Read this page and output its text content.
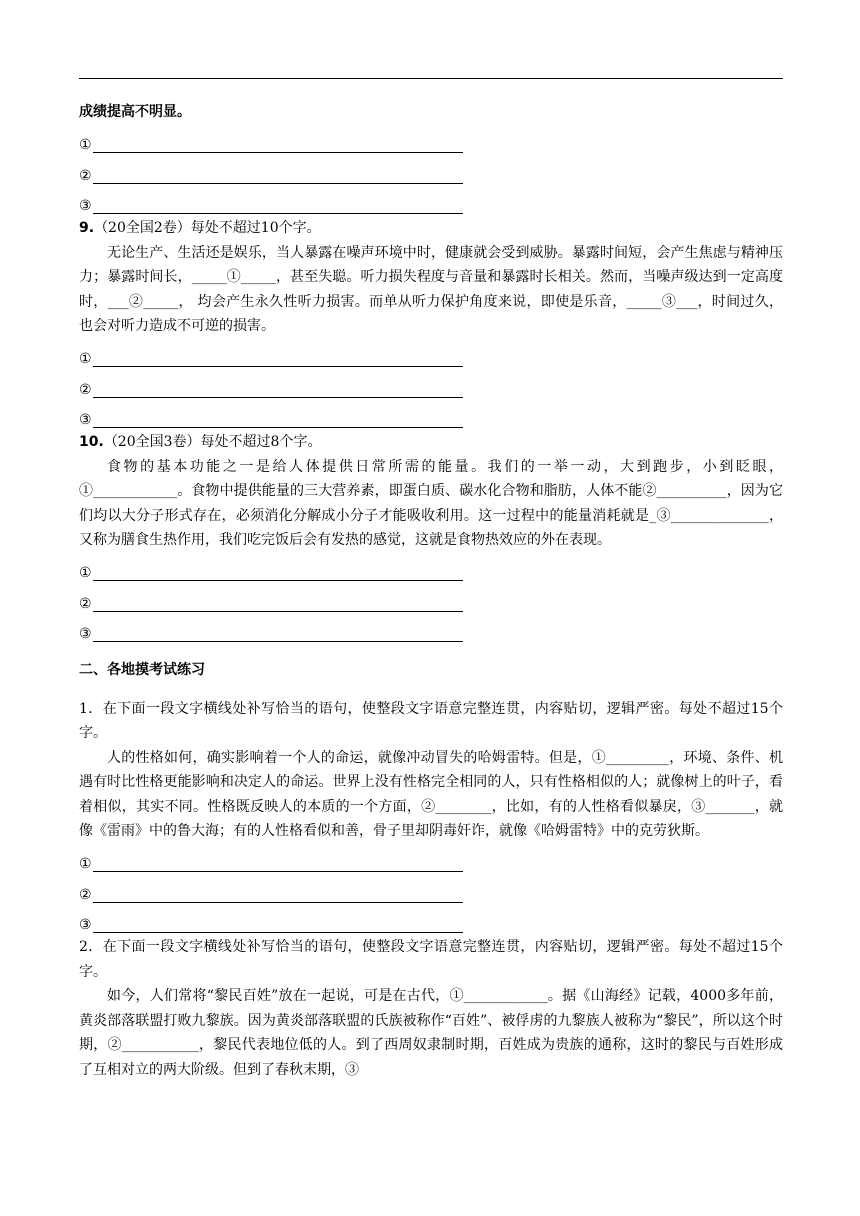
成绩提高不明显。

①
②
③

9.（20全国2卷）每处不超过10个字。

无论生产、生活还是娱乐，当人暴露在噪声环境中时，健康就会受到威胁。暴露时间短，会产生焦虑与精神压力；暴露时间长，_____①_____，甚至失聪。听力损失程度与音量和暴露时长相关。然而，当噪声级达到一定高度时，___②_____， 均会产生永久性听力损害。而单从听力保护角度来说，即使是乐音，_____③___，时间过久，也会对听力造成不可逆的损害。

①
②
③

10.（20全国3卷）每处不超过8个字。

食物的基本功能之一是给人体提供日常所需的能量。我们的一举一动，大到跑步，小到眨眼，①____________。食物中提供能量的三大营养素，即蛋白质、碳水化合物和脂肪，人体不能②__________，因为它们均以大分子形式存在，必须消化分解成小分子才能吸收利用。这一过程中的能量消耗就是_③______________，又称为膳食生热作用，我们吃完饭后会有发热的感觉，这就是食物热效应的外在表现。

①
②
③

二、各地摸考试练习

1．在下面一段文字横线处补写恰当的语句，使整段文字语意完整连贯，内容贴切，逻辑严密。每处不超过15个字。

人的性格如何，确实影响着一个人的命运，就像冲动冒失的哈姆雷特。但是，①_________，环境、条件、机遇有时比性格更能影响和决定人的命运。世界上没有性格完全相同的人，只有性格相似的人；就像树上的叶子，看着相似，其实不同。性格既反映人的本质的一个方面，②________，比如，有的人性格看似暴戾，③_______，就像《雷雨》中的鲁大海；有的人性格看似和善，骨子里却阴毒奸诈，就像《哈姆雷特》中的克劳狄斯。

①
②
③

2．在下面一段文字横线处补写恰当的语句，使整段文字语意完整连贯，内容贴切，逻辑严密。每处不超过15个字。

如今，人们常将“黎民百姓”放在一起说，可是在古代，①____________。据《山海经》记载，4000多年前，黄炎部落联盟打败九黎族。因为黄炎部落联盟的氏族被称作“百姓”、被俘虏的九黎族人被称为“黎民”，所以这个时期，②___________，黎民代表地位低的人。到了西周奴隶制时期，百姓成为贵族的通称，这时的黎民与百姓形成了互相对立的两大阶级。但到了春秋末期，③
